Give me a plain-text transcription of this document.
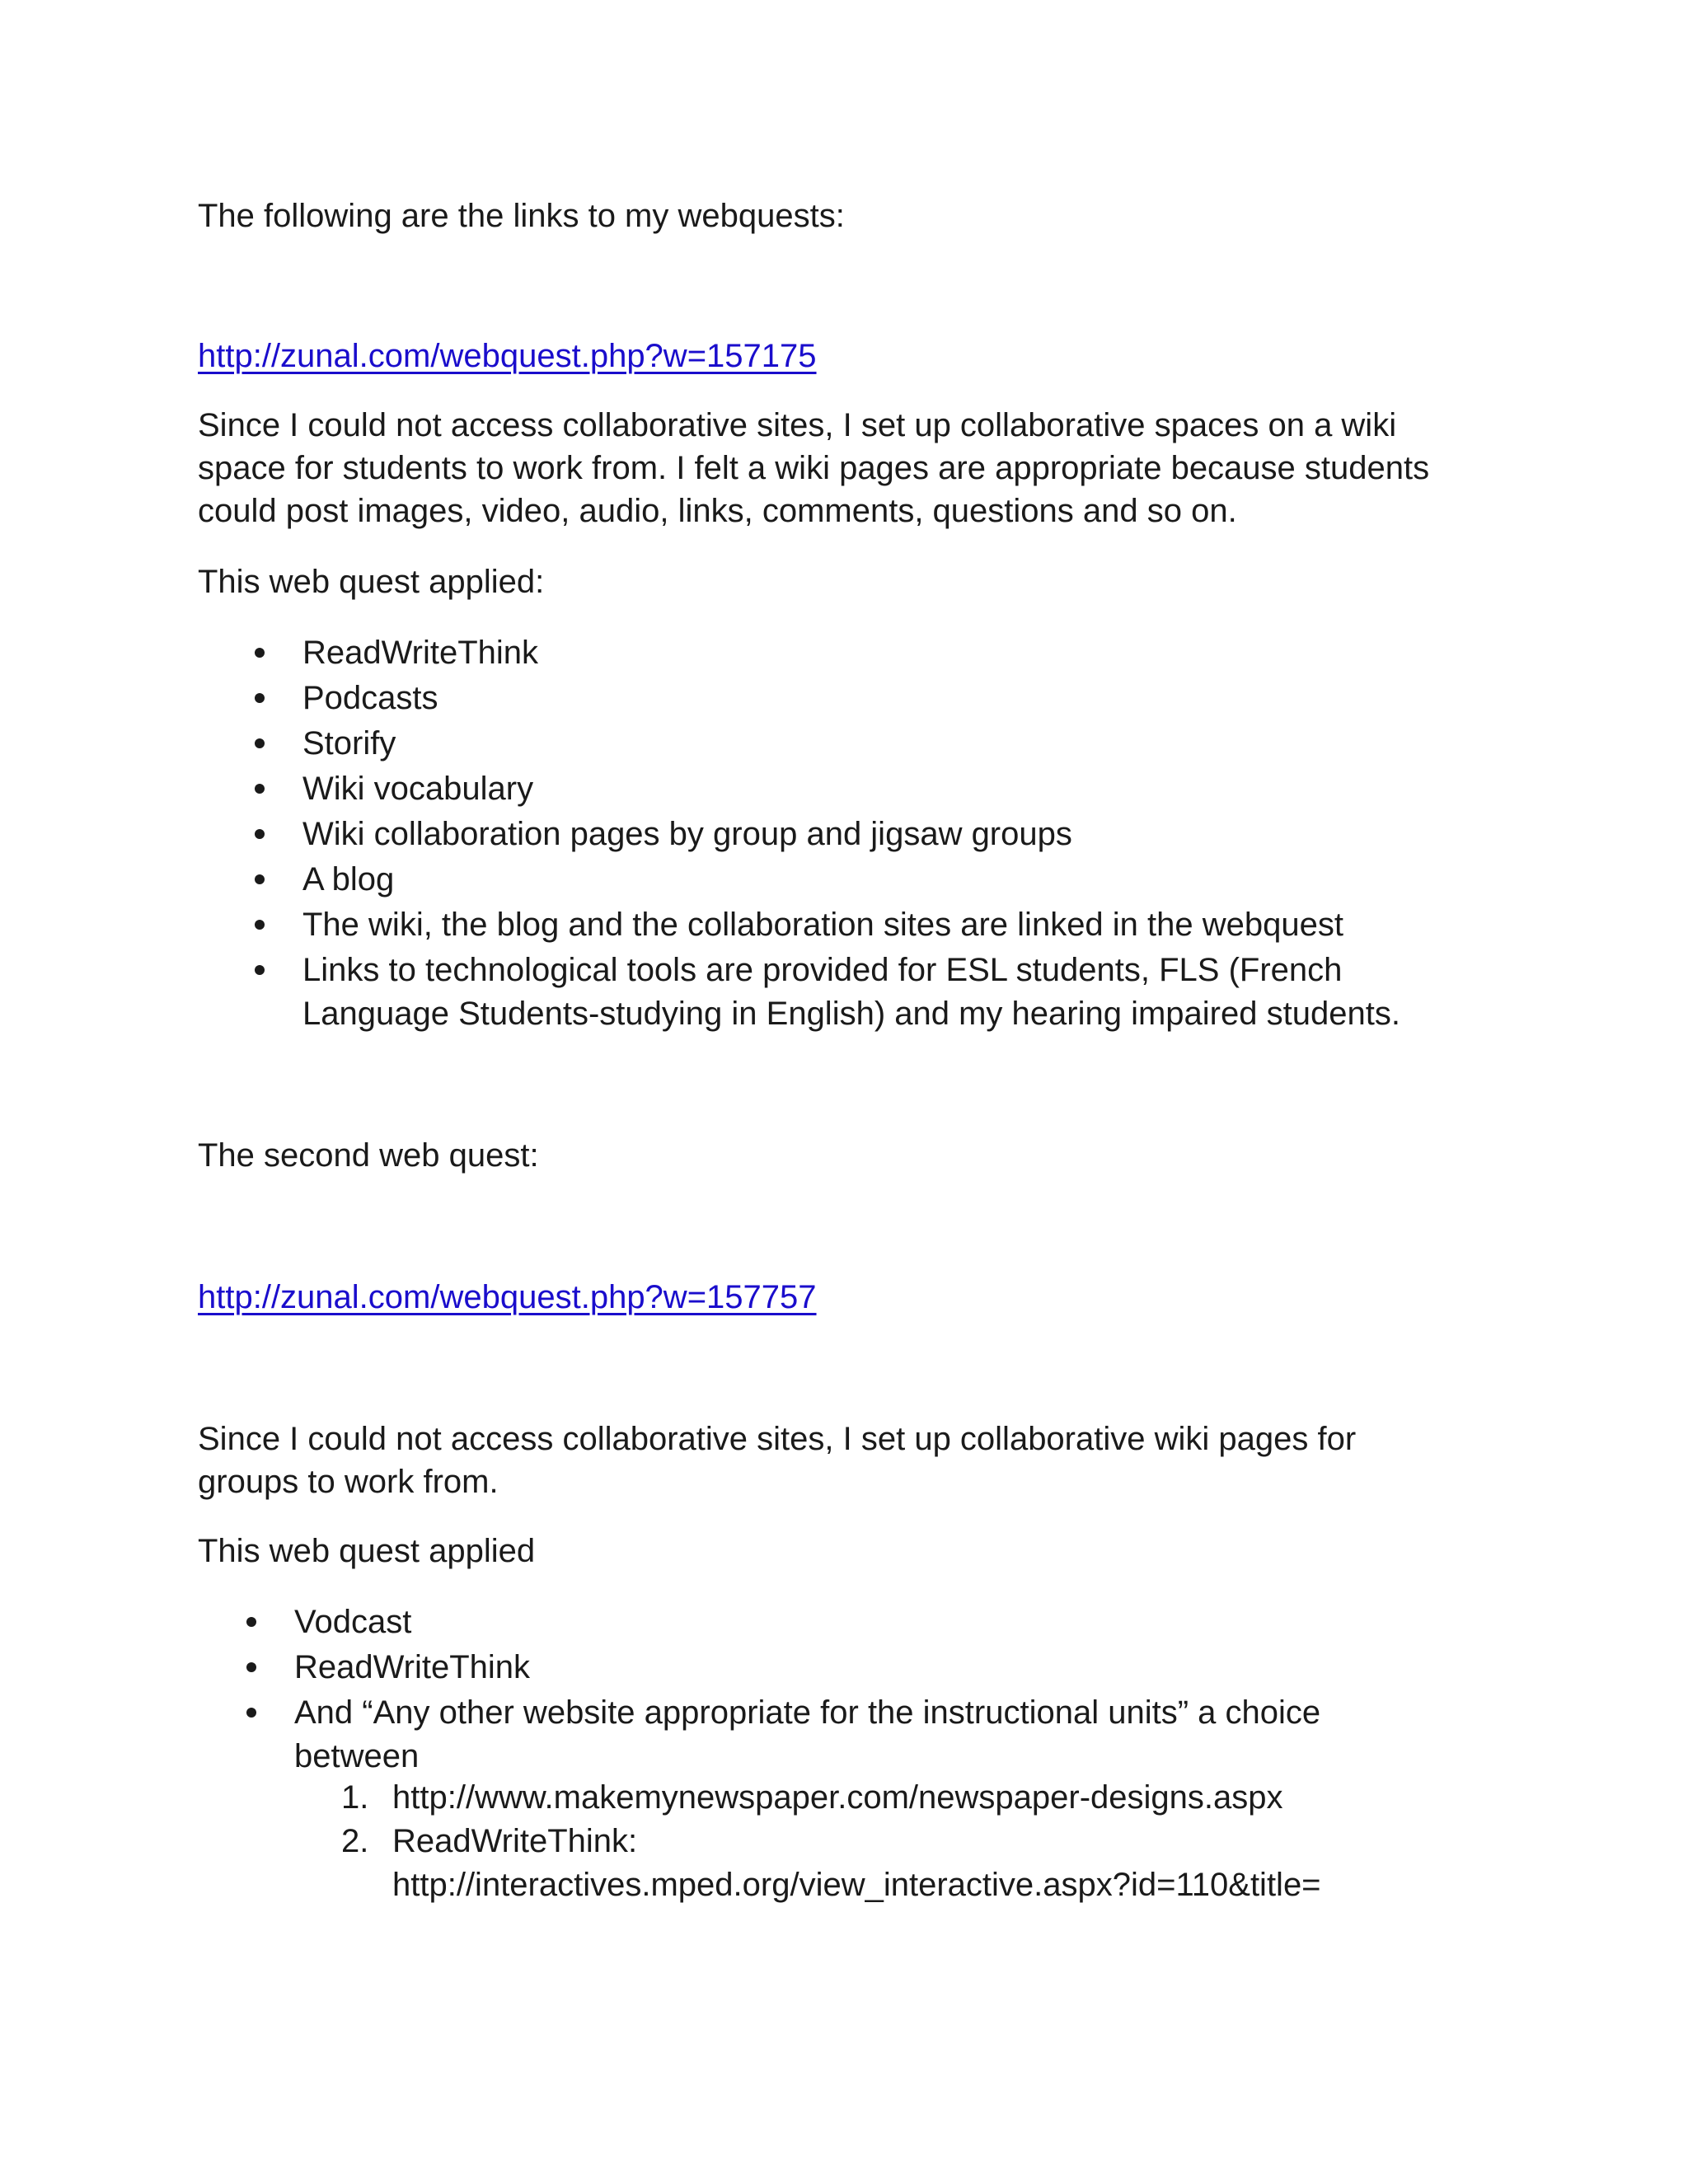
The following are the links to my webquests:
http://zunal.com/webquest.php?w=157175
Since I could not access collaborative sites, I set up collaborative spaces on a wiki
space for students to work from. I felt a wiki pages are appropriate because students
could post images, video, audio, links, comments, questions and so on.
This web quest applied:
ReadWriteThink
Podcasts
Storify
Wiki vocabulary
Wiki collaboration pages by group and jigsaw groups
A blog
The wiki, the blog and the collaboration sites are linked in the webquest
Links to technological tools are provided for ESL students, FLS (French
Language Students-studying in English) and my hearing impaired students.
The second web quest:
http://zunal.com/webquest.php?w=157757
Since I could not access collaborative sites, I set up collaborative wiki pages for
groups to work from.
This web quest applied
Vodcast
ReadWriteThink
And “Any other website appropriate for the instructional units” a choice
between
1. http://www.makemynewspaper.com/newspaper-designs.aspx
2. ReadWriteThink:
http://interactives.mped.org/view_interactive.aspx?id=110&title=
